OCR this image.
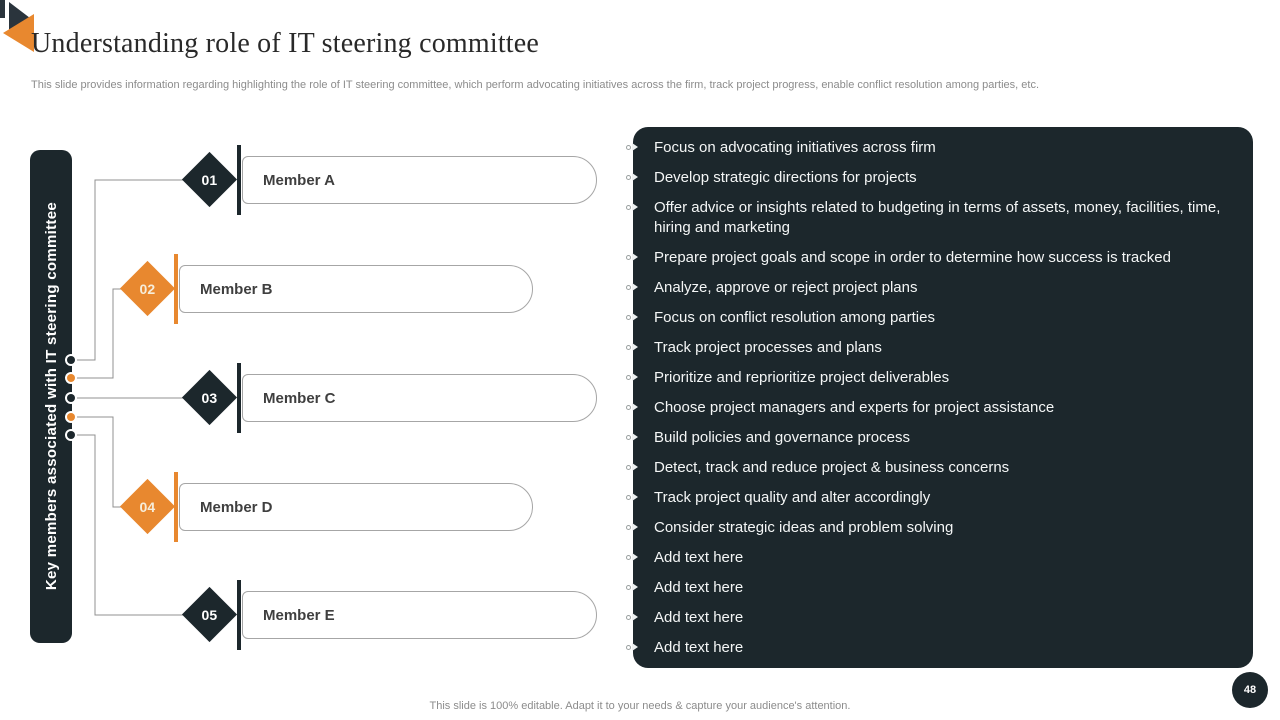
Understanding role of IT steering committee
This slide provides information regarding highlighting the role of IT steering committee, which perform advocating initiatives across the firm, track project progress, enable conflict resolution among parties, etc.
Key members associated with IT steering committee
01	Member A
02	Member B
03	Member C
04	Member D
05	Member E
Focus on advocating initiatives across firm
Develop strategic directions for projects
Offer advice or insights related to budgeting in terms of assets, money, facilities, time, hiring and marketing
Prepare project goals and scope in order to determine how success is tracked
Analyze, approve or reject project plans
Focus on conflict resolution among parties
Track project processes and plans
Prioritize and reprioritize project deliverables
Choose project managers and experts for project assistance
Build policies and governance process
Detect, track and reduce project & business concerns
Track project quality and alter accordingly
Consider strategic ideas and problem solving
Add text here
Add text here
Add text here
Add text here
This slide is 100% editable. Adapt it to your needs & capture your audience's attention.
48
